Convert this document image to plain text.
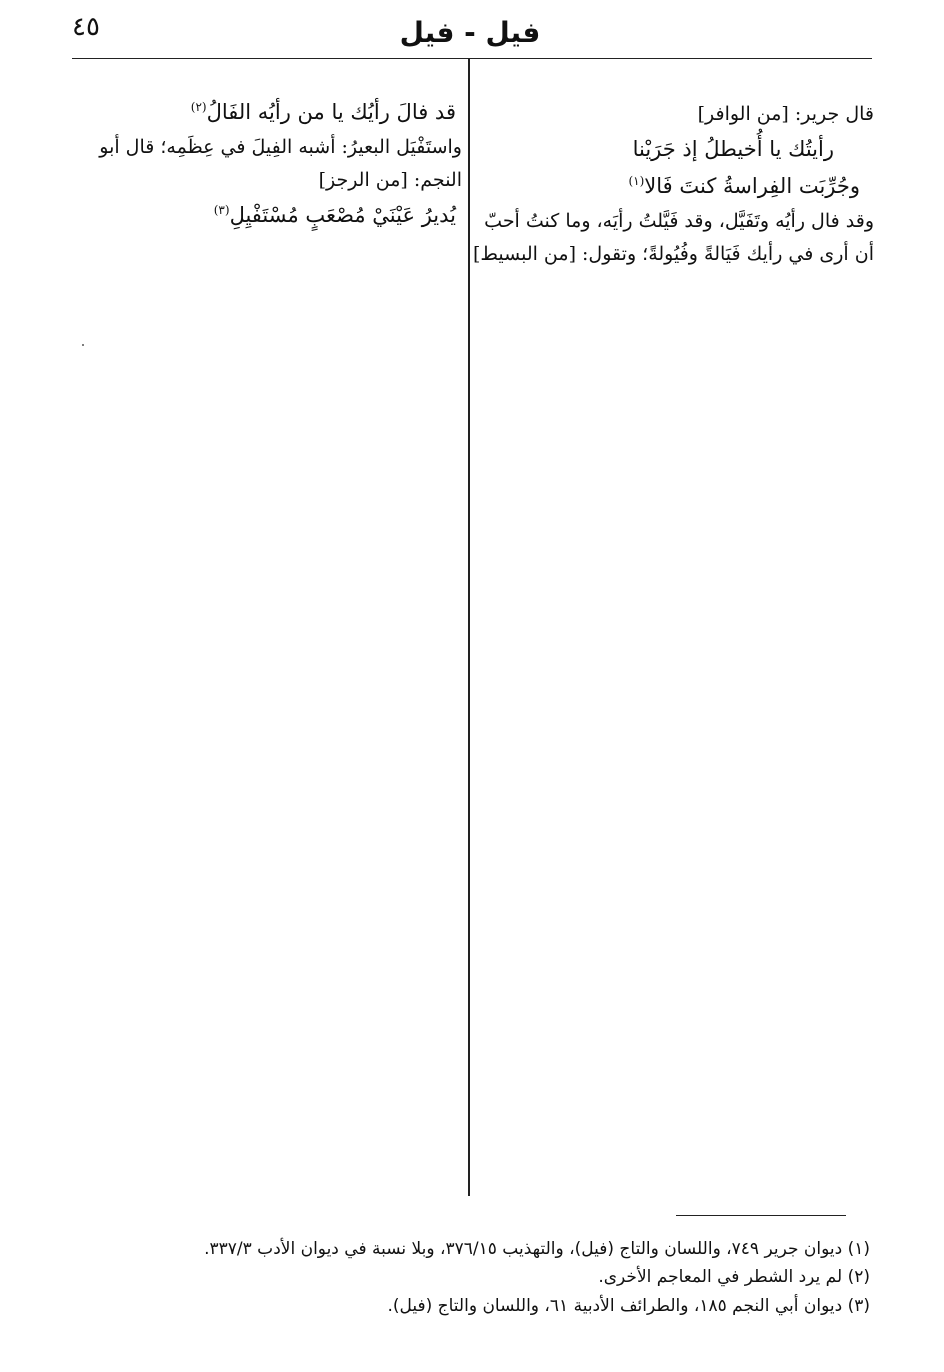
٤٥	فيل - فيل

قال جرير: [من الوافر]

رأيتُك يا أُخيطلُ إذ جَرَيْنا

وجُرِّبَت الفِراسةُ كنتَ فَالا$^{(١)}$

وقد فال رأيُه وتَفَيَّل، وقد فَيَّلتُ رأيَه، وما كنتُ أحبّ

أن أرى في رأيك فَيَالةً وفُيُولةً؛ وتقول: [من البسيط]

قد فالَ رأيُك يا من رأيُه الفَالُ$^{(٢)}$

واستَفْيَل البعيرُ: أشبه الفِيلَ في عِظَمِه؛ قال أبو

النجم: [من الرجز]

يُديرُ عَيْنَيْ مُصْعَبٍ مُسْتَفْيِلِ$^{(٣)}$

(١) ديوان جرير ٧٤٩، واللسان والتاج (فيل)، والتهذيب ٣٧٦/١٥، وبلا نسبة في ديوان الأدب ٣٣٧/٣.

(٢) لم يرد الشطر في المعاجم الأخرى.

(٣) ديوان أبي النجم ١٨٥، والطرائف الأدبية ٦١، واللسان والتاج (فيل).
